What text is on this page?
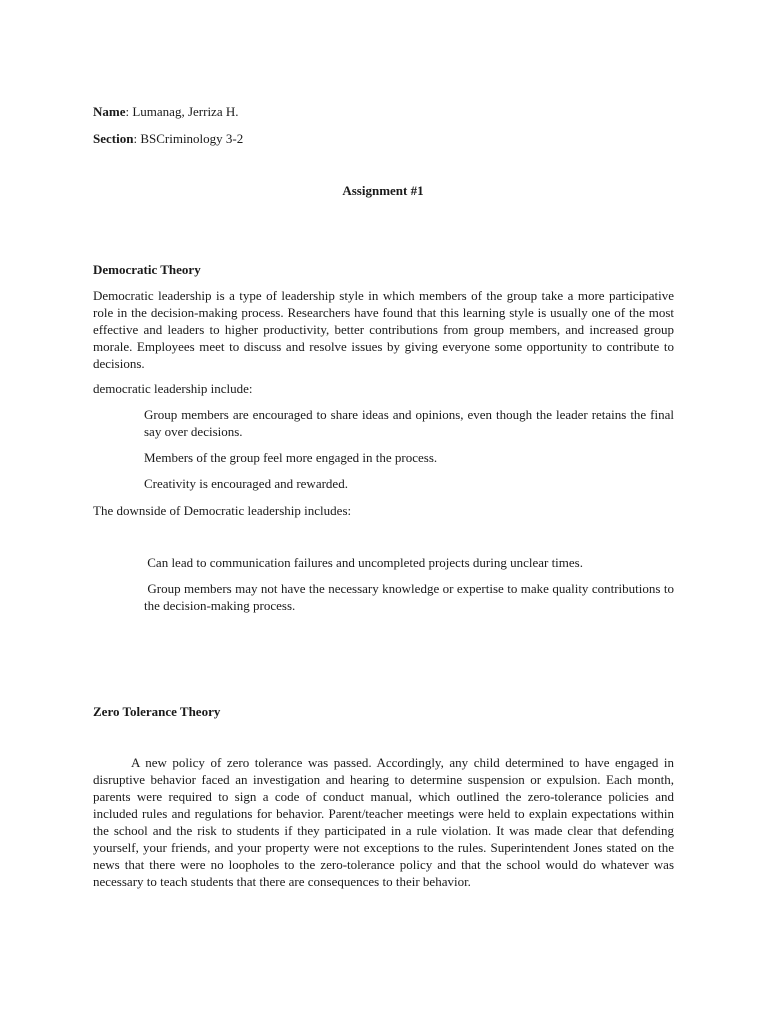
Name: Lumanag, Jerriza H.
Section: BSCriminology 3-2
Assignment #1
Democratic Theory
Democratic leadership is a type of leadership style in which members of the group take a more participative role in the decision-making process. Researchers have found that this learning style is usually one of the most effective and leaders to higher productivity, better contributions from group members, and increased group morale. Employees meet to discuss and resolve issues by giving everyone some opportunity to contribute to decisions.
democratic leadership include:
Group members are encouraged to share ideas and opinions, even though the leader retains the final say over decisions.
Members of the group feel more engaged in the process.
Creativity is encouraged and rewarded.
The downside of Democratic leadership includes:
Can lead to communication failures and uncompleted projects during unclear times.
Group members may not have the necessary knowledge or expertise to make quality contributions to the decision-making process.
Zero Tolerance Theory
A new policy of zero tolerance was passed. Accordingly, any child determined to have engaged in disruptive behavior faced an investigation and hearing to determine suspension or expulsion. Each month, parents were required to sign a code of conduct manual, which outlined the zero-tolerance policies and included rules and regulations for behavior. Parent/teacher meetings were held to explain expectations within the school and the risk to students if they participated in a rule violation. It was made clear that defending yourself, your friends, and your property were not exceptions to the rules. Superintendent Jones stated on the news that there were no loopholes to the zero-tolerance policy and that the school would do whatever was necessary to teach students that there are consequences to their behavior.
